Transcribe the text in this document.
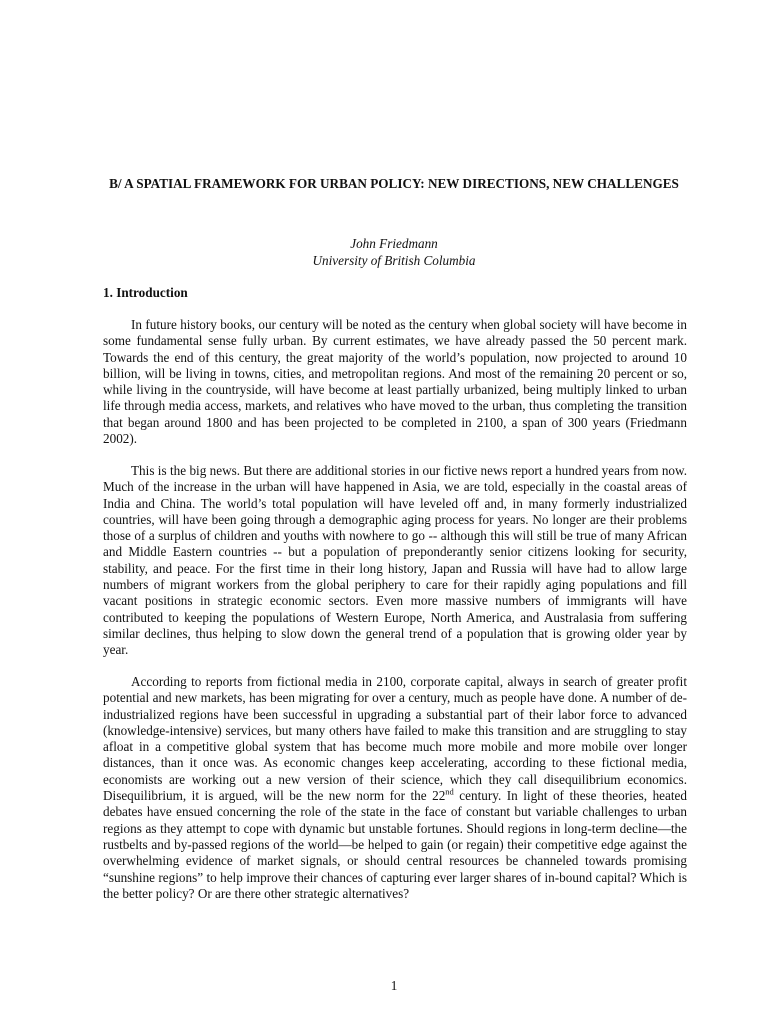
B/ A SPATIAL FRAMEWORK FOR URBAN POLICY: NEW DIRECTIONS, NEW CHALLENGES
John Friedmann
University of British Columbia
1. Introduction

In future history books, our century will be noted as the century when global society will have become in some fundamental sense fully urban. By current estimates, we have already passed the 50 percent mark. Towards the end of this century, the great majority of the world’s population, now projected to around 10 billion, will be living in towns, cities, and metropolitan regions. And most of the remaining 20 percent or so, while living in the countryside, will have become at least partially urbanized, being multiply linked to urban life through media access, markets, and relatives who have moved to the urban, thus completing the transition that began around 1800 and has been projected to be completed in 2100, a span of 300 years (Friedmann 2002).

This is the big news. But there are additional stories in our fictive news report a hundred years from now. Much of the increase in the urban will have happened in Asia, we are told, especially in the coastal areas of India and China. The world’s total population will have leveled off and, in many formerly industrialized countries, will have been going through a demographic aging process for years. No longer are their problems those of a surplus of children and youths with nowhere to go -- although this will still be true of many African and Middle Eastern countries -- but a population of preponderantly senior citizens looking for security, stability, and peace. For the first time in their long history, Japan and Russia will have had to allow large numbers of migrant workers from the global periphery to care for their rapidly aging populations and fill vacant positions in strategic economic sectors. Even more massive numbers of immigrants will have contributed to keeping the populations of Western Europe, North America, and Australasia from suffering similar declines, thus helping to slow down the general trend of a population that is growing older year by year.

According to reports from fictional media in 2100, corporate capital, always in search of greater profit potential and new markets, has been migrating for over a century, much as people have done. A number of de-industrialized regions have been successful in upgrading a substantial part of their labor force to advanced (knowledge-intensive) services, but many others have failed to make this transition and are struggling to stay afloat in a competitive global system that has become much more mobile and more mobile over longer distances, than it once was. As economic changes keep accelerating, according to these fictional media, economists are working out a new version of their science, which they call disequilibrium economics. Disequilibrium, it is argued, will be the new norm for the 22nd century. In light of these theories, heated debates have ensued concerning the role of the state in the face of constant but variable challenges to urban regions as they attempt to cope with dynamic but unstable fortunes. Should regions in long-term decline—the rustbelts and by-passed regions of the world—be helped to gain (or regain) their competitive edge against the overwhelming evidence of market signals, or should central resources be channeled towards promising “sunshine regions” to help improve their chances of capturing ever larger shares of in-bound capital? Which is the better policy? Or are there other strategic alternatives?

1
